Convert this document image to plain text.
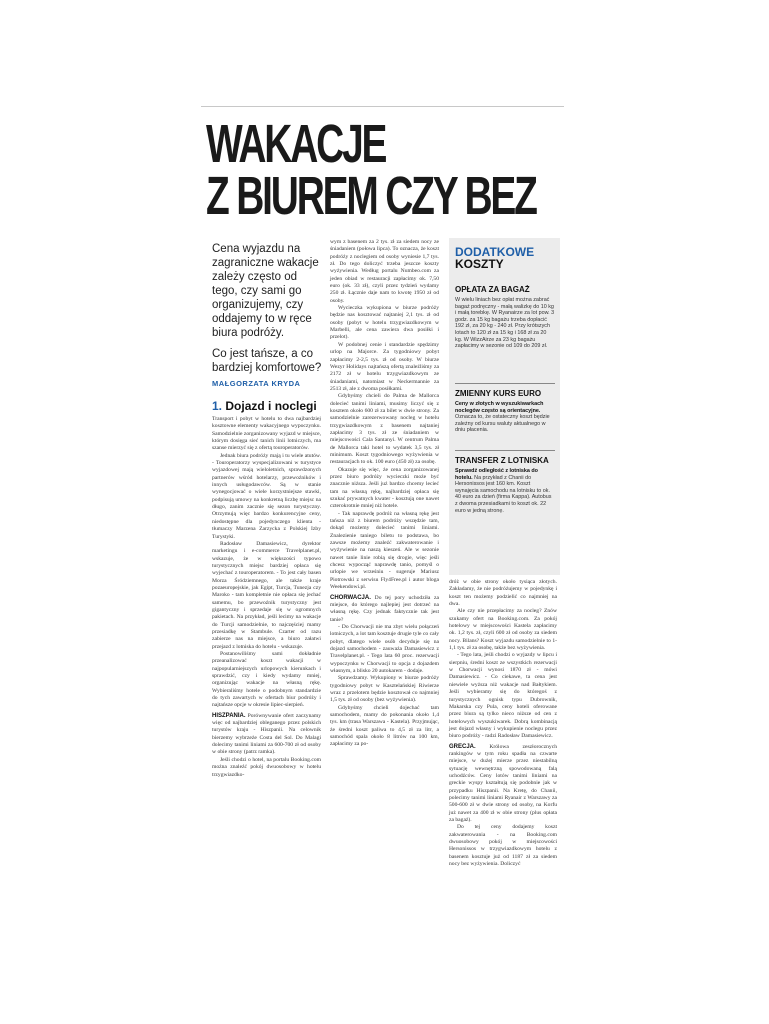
WAKACJE
Z BIUREM CZY BEZ

Cena wyjazdu na zagraniczne wakacje zależy często od tego, czy sami go organizujemy, czy oddajemy to w ręce biura podróży.

Co jest tańsze, a co bardziej komfortowe?

MAŁGORZATA KRYDA
1. Dojazd i noclegi

Transport i pobyt w hotelu to dwa najbardziej kosztowne elementy wakacyjnego wypoczynku. Samodzielnie zorganizowany wyjazd w miejsce, którym dosięga sieć tanich linii lotniczych, ma szanse mierzyć się z ofertą touroperatorów.

Jednak biura podróży mają i tu wiele atutów. - Touroperatorzy wyspecjalizowani w turystyce wyjazdowej mają wieloletnich, sprawdzonych partnerów wśród hotelarzy, przewoźników i innych usługodawców. Są w stanie wynegocjować o wiele korzystniejsze stawki, podpisują umowy na konkretną liczbę miejsc na długo, zanim zacznie się sezon turystyczny. Otrzymują więc bardzo konkurencyjne ceny, niedostępne dla pojedynczego klienta - tłumaczy Marzena Zarzycka z Polskiej Izby Turystyki.

Radosław Damasiewicz, dyrektor marketingu i e-commerce Travelplanet.pl, wskazuje, że w większości typowo turystycznych miejsc bardziej opłaca się wyjechać z touroperatorem. - To jest cały basen Morza Śródziemnego, ale także kraje pozaeuropejskie, jak Egipt, Turcja, Tunezja czy Maroko - tam kompletnie nie opłaca się jechać samemu, bo przewoźnik turystyczny jest gigantyczny i sprzedaje się w ogromnych pakietach. Na przykład, jeśli lecimy na wakacje do Turcji samodzielnie, to najczęściej mamy przesiadkę w Stambule. Czarter od razu zabierze nas na miejsce, a biuro załatwi przejazd z lotniska do hotelu - wskazuje.

Postanowiliśmy sami dokładnie przeanalizować koszt wakacji w najpopularniejszych urlopowych kierunkach i sprawdzić, czy i kiedy wydamy mniej, organizując wakacje na własną rękę. Wybieraliśmy hotele o podobnym standardzie do tych zawartych w ofertach biur podróży i najtańsze opcje w okresie lipiec-sierpień.

HISZPANIA. Porównywanie ofert zaczynamy więc od najbardziej obleganego przez polskich turystów kraju - Hiszpanii. Na celownik bierzemy wybrzeże Costa del Sol. Do Malagi dolecimy tanimi liniami za 600-700 zł od osoby w obie strony (patrz ramka).

Jeśli chodzi o hotel, na portalu Booking.com można znaleźć pokój dwuosobowy w hotelu trzygwiazdko-

wym z basenem za 2 tys. zł za siedem nocy ze śniadaniem (połowa lipca). To oznacza, że koszt podróży z noclegiem od osoby wyniesie 1,7 tys. zł. Do tego doliczyć trzeba jeszcze koszty wyżywienia. Według portalu Numbeo.com za jeden obiad w restauracji zapłacimy ok. 7,50 euro (ok. 33 zł), czyli przez tydzień wydamy 250 zł. Łącznie daje nam to kwotę 1950 zł od osoby.

Wycieczka wykupiona w biurze podróży będzie nas kosztować najtaniej 2,1 tys. zł od osoby (pobyt w hotelu trzygwiazdkowym w Marbelli, ale cena zawiera dwa posiłki i przelot).

W podobnej cenie i standardzie spędzimy urlop na Majorce. Za tygodniowy pobyt zapłacimy 2-2,5 tys. zł od osoby. W biurze Wezyr Holidays najtańszą ofertą znaleźliśmy za 2172 zł w hotelu trzygwiazdkowym ze śniadaniami, natomiast w Neckermannie za 2513 zł, ale z dwoma posiłkami.

Gdybyśmy chcieli do Palma de Mallorca dolecieć tanimi liniami, musimy liczyć się z kosztem około 600 zł za bilet w dwie strony. Za samodzielnie zarezerwowany nocleg w hotelu trzygwiazdkowym z basenem najtaniej zapłacimy 3 tys. zł ze śniadaniem w miejscowości Cala Santanyi. W centrum Palma de Mallorca taki hotel to wydatek 3,5 tys. zł minimum. Koszt tygodniowego wyżywienia w restauracjach to ok. 100 euro (450 zł) za osobę.

Okazuje się więc, że cena zorganizowanej przez biuro podróży wycieczki może być znacznie niższa. Jeśli już bardzo chcemy lecieć tam na własną rękę, najbardziej opłaca się szukać prywatnych kwater - kosztują one nawet czterokrotnie mniej niż hotele.

- Tak naprawdę podróż na własną rękę jest tańsza niż z biurem podróży wszędzie tam, dokąd możemy dolecieć tanimi liniami. Znalezienie taniego biletu to podstawa, bo zawsze możemy znaleźć zakwaterowanie i wyżywienie na naszą kieszeń. Ale w sezonie nawet tanie linie robią się drogie, więc jeśli chcesz wypocząć naprawdę tanio, pomyśl o urlopie we wrześniu - sugeruje Mariusz Piotrowski z serwisu Fly4Free.pl i autor bloga Weekendowi.pl.

CHORWACJA. Do tej pory uchodziła za miejsce, do którego najlepiej jest dotrzeć na własną rękę. Czy jednak faktycznie tak jest tanie?

- Do Chorwacji nie ma zbyt wielu połączeń lotniczych, a lot tam kosztuje drugie tyle co cały pobyt, dlatego wiele osób decyduje się na dojazd samochodem - zauważa Damasiewicz z Travelplanet.pl. - Tego lata 60 proc. rezerwacji wypoczynku w Chorwacji to opcja z dojazdem własnym, a blisko 20 autokarem - dodaje.

Sprawdzamy. Wykupiony w biurze podróży tygodniowy pobyt w Kasztelańskiej Riwierze wraz z przelotem będzie kosztował co najmniej 1,5 tys. zł od osoby (bez wyżywienia).

Gdybyśmy chcieli dojechać tam samochodem, mamy do pokonania około 1,4 tys. km (trasa Warszawa - Kastela). Przyjmując, że średni koszt paliwa to 4,5 zł za litr, a samochód spala około 8 litrów na 100 km, zapłacimy za po-

DODATKOWE
KOSZTY
OPŁATA ZA BAGAŻ
W wielu liniach bez opłat można zabrać bagaż podręczny - małą walizkę do 10 kg i małą torebkę. W Ryanairze za lot pow. 3 godz. za 15 kg bagażu trzeba dopłacić 192 zł, za 20 kg - 240 zł. Przy krótszych lotach to 120 zł za 15 kg i 168 zł za 20 kg. W WizzAirze za 23 kg bagażu zapłacimy w sezonie od 109 do 209 zł.
ZMIENNY KURS EURO
Ceny w złotych w wyszukiwarkach noclegów często są orientacyjne. Oznacza to, że ostateczny koszt będzie zależny od kursu waluty aktualnego w dniu płacenia.
TRANSFER Z LOTNISKA
Sprawdź odległość z lotniska do hotelu. Na przykład z Chanii do Hersonissos jest 160 km. Koszt wynajęcia samochodu na lotnisku to ok. 40 euro za dzień (firma Kappa). Autobus z dwoma przesiadkami to koszt ok. 22 euro w jedną stronę.

dróż w obie strony około tysiąca złotych. Zakładamy, że nie podróżujemy w pojedynkę i koszt ten możemy podzielić co najmniej na dwa.

Ale czy nie przepłacimy za nocleg? Znów szukamy ofert na Booking.com. Za pokój hotelowy w miejscowości Kastela zapłacimy ok. 1,2 tys. zł, czyli 600 zł od osoby za siedem nocy. Bilans? Koszt wyjazdu samodzielnie to 1-1,1 tys. zł za osobę, także bez wyżywienia.

- Tego lata, jeśli chodzi o wyjazdy w lipcu i sierpniu, średni koszt ze wszystkich rezerwacji w Chorwacji wynosi 1870 zł - mówi Damasiewicz. - Co ciekawe, ta cena jest niewiele wyższa niż wakacje nad Bałtykiem. Jeśli wybieramy się do któregoś z turystycznych ognisk typu Dubrownik, Makarska czy Pula, ceny hoteli oferowane przez biura są tylko nieco niższe od cen z hotelowych wyszukiwarek. Dobrą kombinacją jest dojazd własny i wykupienie noclegu przez biuro podróży - radzi Radosław Damasiewicz.

GRECJA. Królowa zeszłorocznych rankingów w tym roku spadła na czwarte miejsce, w dużej mierze przez niestabilną sytuację wewnętrzną spowodowaną falą uchodźców. Ceny lotów tanimi liniami na greckie wyspy kształtują się podobnie jak w przypadku Hiszpanii. Na Kretę, do Chanii, polecimy tanimi liniami Ryanair z Warszawy za 500-600 zł w dwie strony od osoby, na Korfu już nawet za 400 zł w obie strony (plus opłata za bagaż).

Do tej ceny dodajemy koszt zakwaterowania - na Booking.com dwuosobowy pokój w miejscowości Hersonissos w trzygwiazdkowym hotelu z basenem kosztuje już od 1187 zł za siedem nocy bez wyżywienia. Doliczyć
